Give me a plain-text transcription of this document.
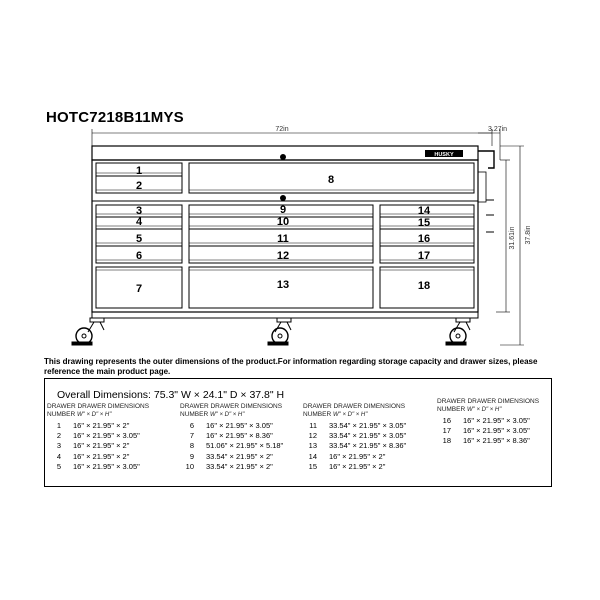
HOTC7218B11MYS
HUSKY
72in	3.27in
37.8in
31.61in
1
2
3
4
5
6
7
8
9
10
11
12
13
14
15
16
17
18
This drawing represents the outer dimensions of the product.For information regarding storage capacity and drawer sizes, please reference the main product page.
Overall Dimensions: 75.3" W × 24.1" D × 37.8" H
DRAWER DRAWER DIMENSIONS
NUMBER W" × D" × H"
1 16" × 21.95" × 2"
2 16" × 21.95" × 3.05"
3 16" × 21.95" × 2"
4 16" × 21.95" × 2"
5 16" × 21.95" × 3.05"
DRAWER DRAWER DIMENSIONS
NUMBER W" × D" × H"
6 16" × 21.95" × 3.05"
7 16" × 21.95" × 8.36"
8 51.06" × 21.95" × 5.18"
9 33.54" × 21.95" × 2"
10 33.54" × 21.95" × 2"
DRAWER DRAWER DIMENSIONS
NUMBER W" × D" × H"
11 33.54" × 21.95" × 3.05"
12 33.54" × 21.95" × 3.05"
13 33.54" × 21.95" × 8.36"
14 16" × 21.95" × 2"
15 16" × 21.95" × 2"
DRAWER DRAWER DIMENSIONS
NUMBER W" × D" × H"
16 16" × 21.95" × 3.05"
17 16" × 21.95" × 3.05"
18 16" × 21.95" × 8.36"
